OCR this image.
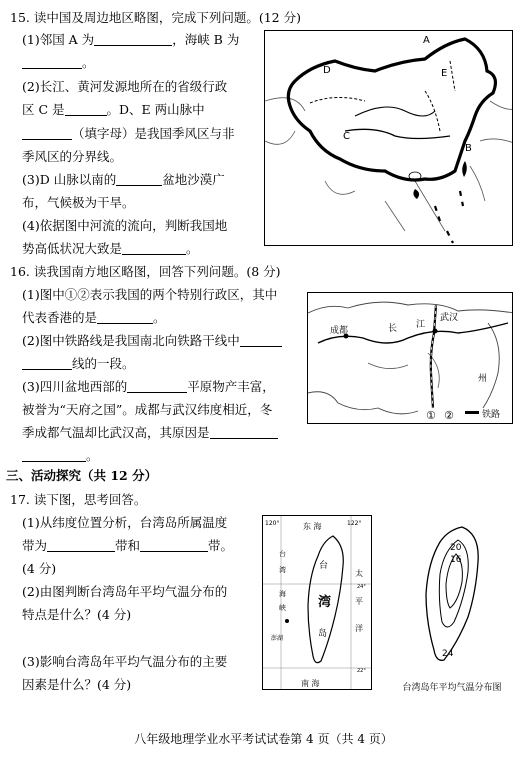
15. 读中国及周边地区略图，完成下列问题。(12 分)
(1)邻国 A 为	，海峡 B 为
。
(2)长江、黄河发源地所在的省级行政
区 C 是	。D、E 两山脉中
（填字母）是我国季风区与非
季风区的分界线。
(3)D 山脉以南的	盆地沙漠广
布，气候极为干旱。
(4)依据图中河流的流向，判断我国地
势高低状况大致是	。
A
B
C
D	E
16. 读我国南方地区略图，回答下列问题。(8 分)
(1)图中①②表示我国的两个特别行政区，其中
代表香港的是	。
(2)图中铁路线是我国南北向铁路干线中
线的一段。
(3)四川盆地西部的	平原物产丰富，
被誉为“天府之国”。成都与武汉纬度相近，冬
季成都气温却比武汉高，其原因是
。
成都
武汉
长 江
州
① ②	铁路
三、活动探究（共 12 分）
17. 读下图，思考回答。
(1)从纬度位置分析，台湾岛所属温度
带为	带和	带。
(4 分)
(2)由图判断台湾岛年平均气温分布的
特点是什么？(4 分)
(3)影响台湾岛年平均气温分布的主要
因素是什么？(4 分)
120°	122°
东 海
南 海
澎湖
台
湾
岛
太
平
洋
台
湾
海
峡
24°
22°
20
16
24
台湾岛年平均气温分布图
八年级地理学业水平考试试卷第 4 页（共 4 页）
